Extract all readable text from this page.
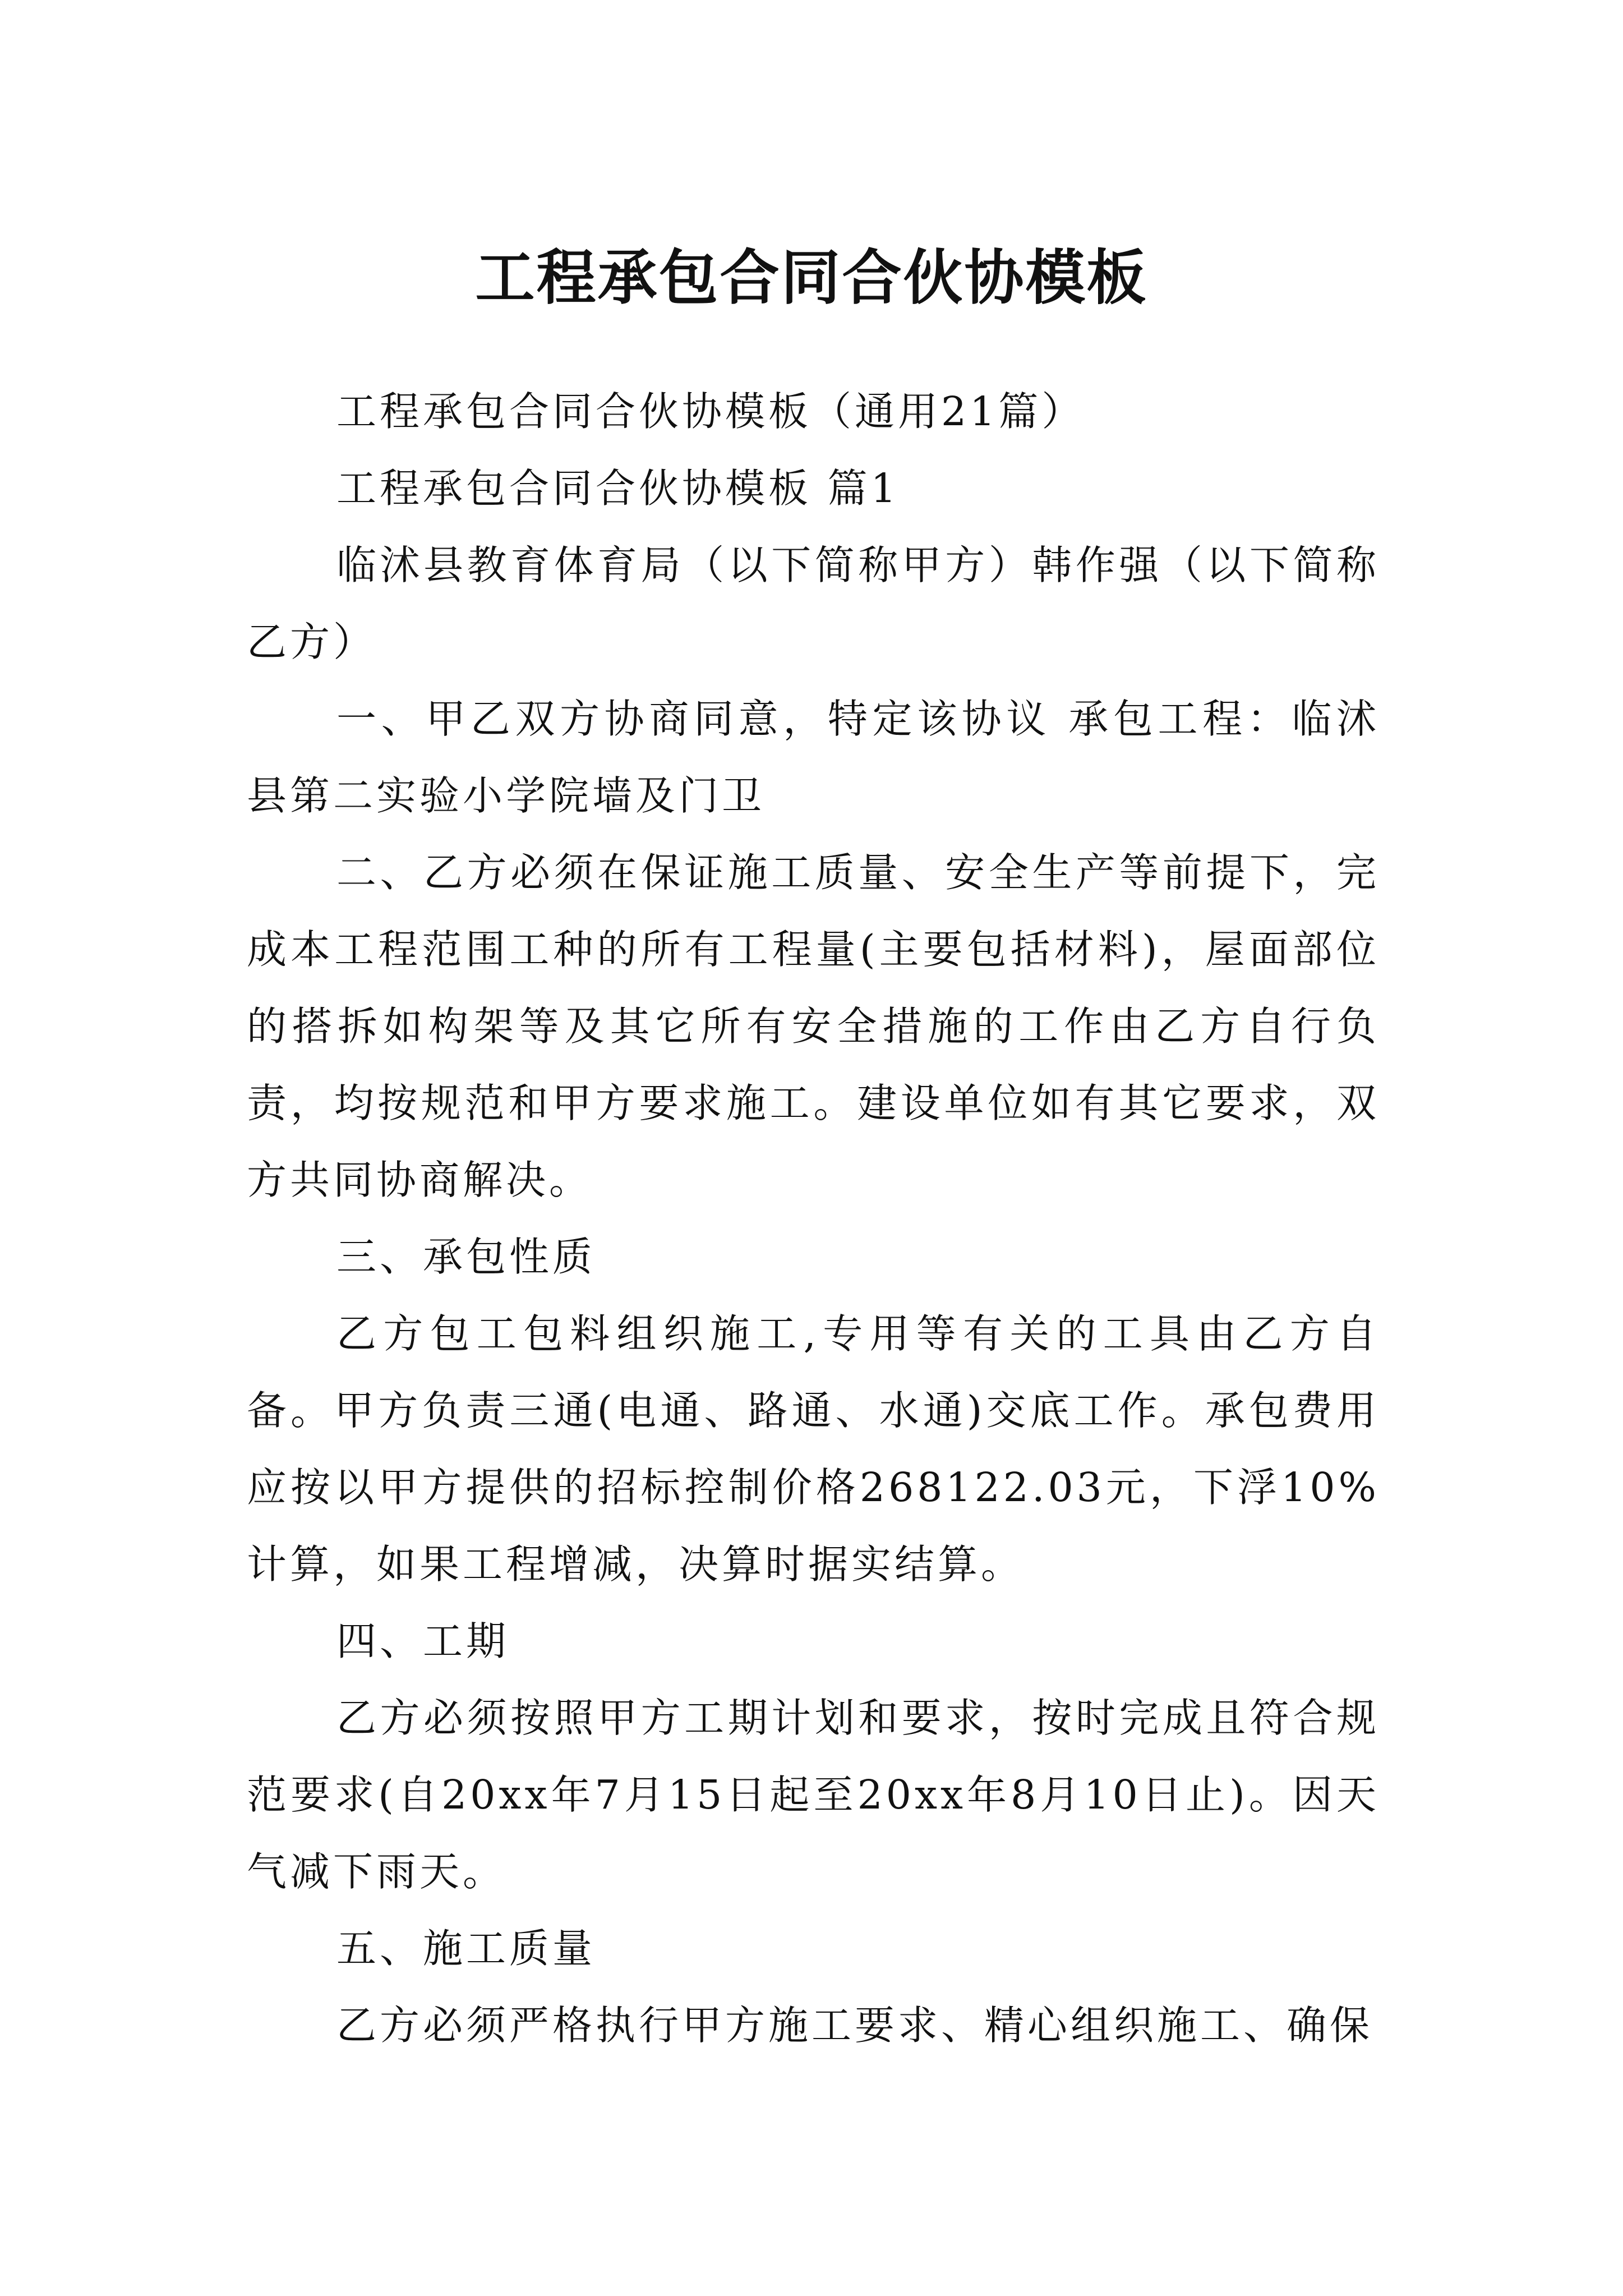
工程承包合同合伙协模板

工程承包合同合伙协模板（通用21篇）

工程承包合同合伙协模板 篇1

临沭县教育体育局（以下简称甲方）韩作强（以下简称乙方）

一、甲乙双方协商同意，特定该协议 承包工程：临沭县第二实验小学院墙及门卫

二、乙方必须在保证施工质量、安全生产等前提下，完成本工程范围工种的所有工程量(主要包括材料)，屋面部位的搭拆如构架等及其它所有安全措施的工作由乙方自行负责，均按规范和甲方要求施工。建设单位如有其它要求，双方共同协商解决。

三、承包性质

乙方包工包料组织施工,专用等有关的工具由乙方自备。甲方负责三通(电通、路通、水通)交底工作。承包费用应按以甲方提供的招标控制价格268122.03元，下浮10%计算，如果工程增减，决算时据实结算。

四、工期

乙方必须按照甲方工期计划和要求，按时完成且符合规范要求(自20xx年7月15日起至20xx年8月10日止)。因天气减下雨天。

五、施工质量

乙方必须严格执行甲方施工要求、精心组织施工、确保
